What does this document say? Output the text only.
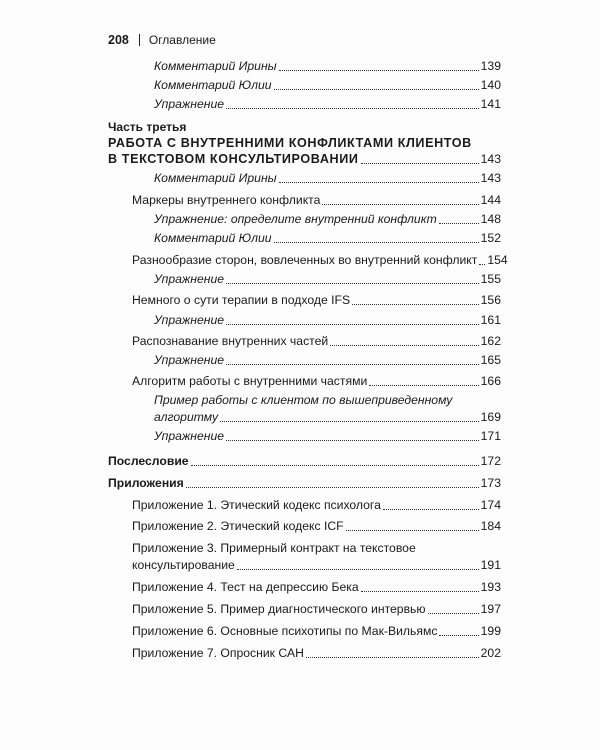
208 Оглавление
Комментарий Ирины	139
Комментарий Юлии	140
Упражнение	141
Часть третья
РАБОТА С ВНУТРЕННИМИ КОНФЛИКТАМИ КЛИЕНТОВ
В ТЕКСТОВОМ КОНСУЛЬТИРОВАНИИ	143
Комментарий Ирины	143
Маркеры внутреннего конфликта	144
Упражнение: определите внутренний конфликт	148
Комментарий Юлии	152
Разнообразие сторон, вовлеченных во внутренний конфликт 154
Упражнение	155
Немного о сути терапии в подходе IFS	156
Упражнение	161
Распознавание внутренних частей	162
Упражнение	165
Алгоритм работы с внутренними частями	166
Пример работы с клиентом по вышеприведенному
алгоритму	169
Упражнение	171
Послесловие	172
Приложения	173
Приложение 1. Этический кодекс психолога	174
Приложение 2. Этический кодекс ICF	184
Приложение 3. Примерный контракт на текстовое
консультирование	191
Приложение 4. Тест на депрессию Бека	193
Приложение 5. Пример диагностического интервью	197
Приложение 6. Основные психотипы по Мак-Вильямс	199
Приложение 7. Опросник САН	202
